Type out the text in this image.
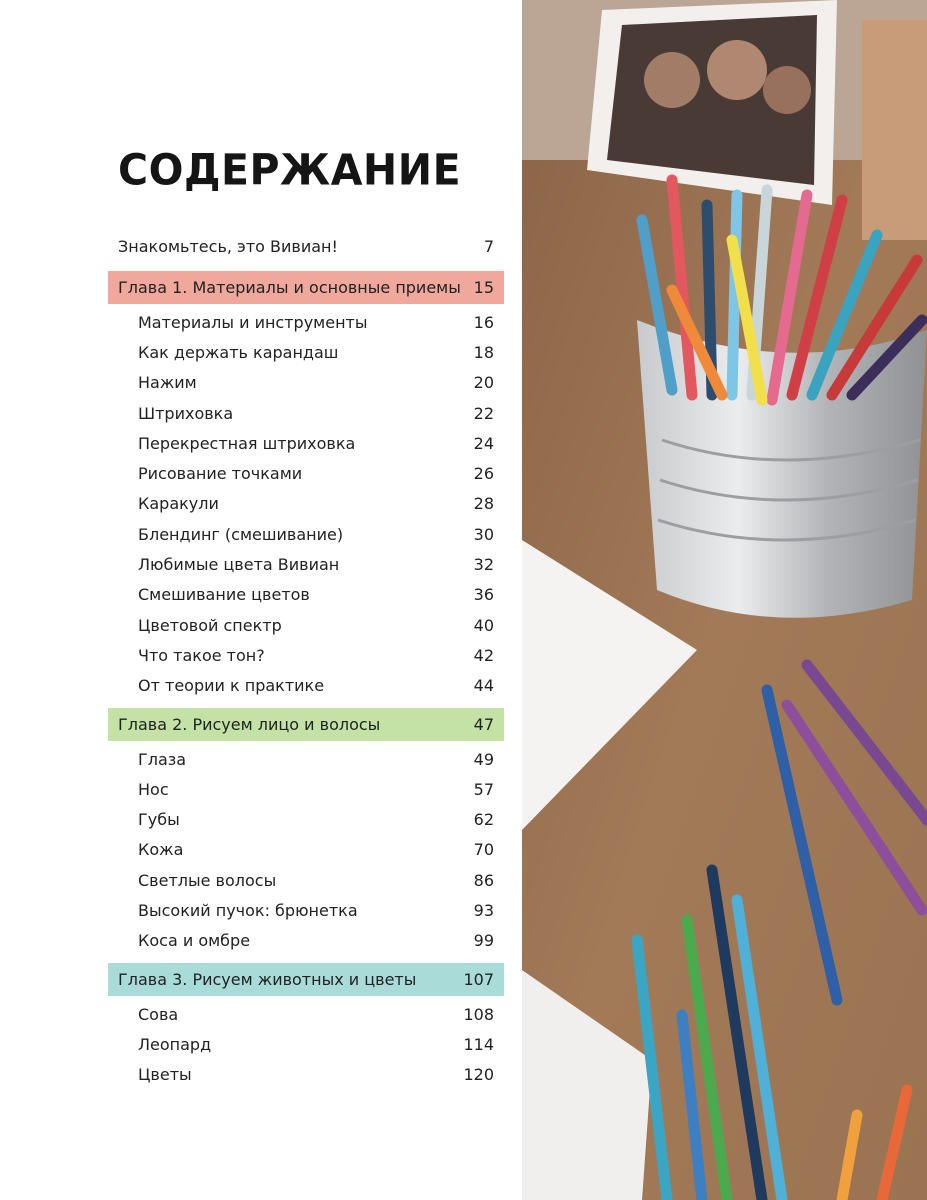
СОДЕРЖАНИЕ
Знакомьтесь, это Вивиан!	7
Глава 1. Материалы и основные приемы 15
Материалы и инструменты	16
Как держать карандаш	18
Нажим	20
Штриховка	22
Перекрестная штриховка	24
Рисование точками	26
Каракули	28
Блендинг (смешивание)	30
Любимые цвета Вивиан	32
Смешивание цветов	36
Цветовой спектр	40
Что такое тон?	42
От теории к практике	44
Глава 2. Рисуем лицо и волосы	47
Глаза	49
Нос	57
Губы	62
Кожа	70
Светлые волосы	86
Высокий пучок: брюнетка	93
Коса и омбре	99
Глава 3. Рисуем животных и цветы	107
Сова	108
Леопард	114
Цветы	120
